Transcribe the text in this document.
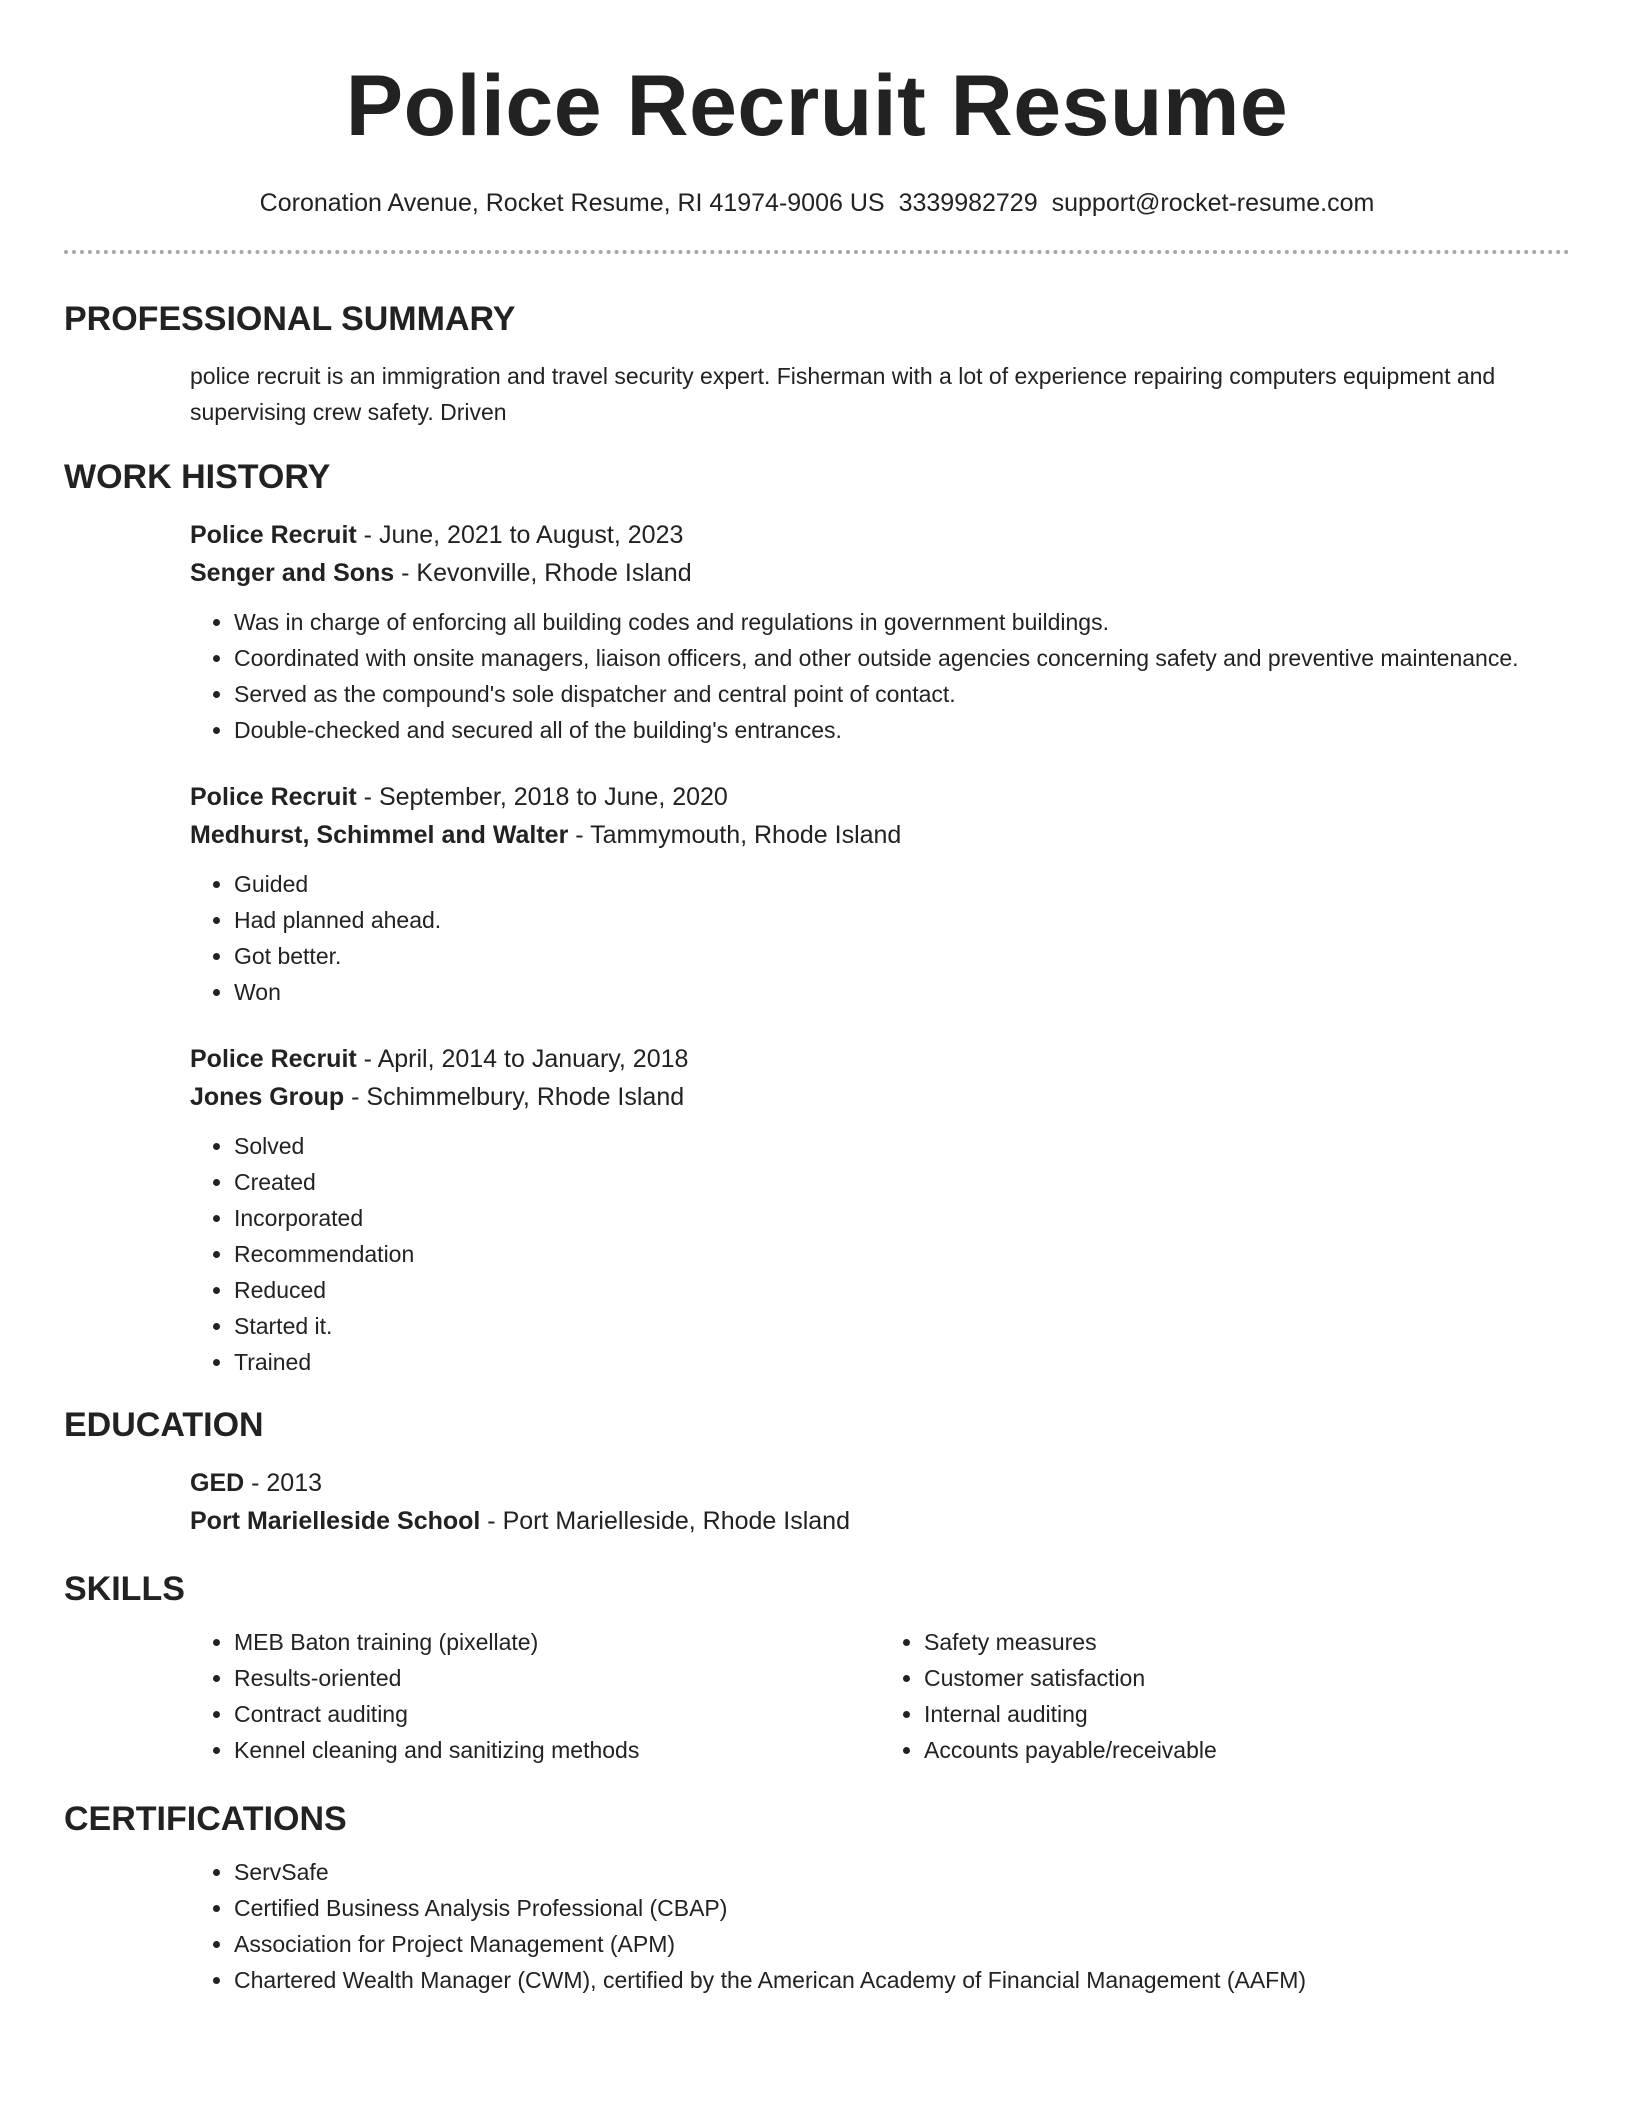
Police Recruit Resume
Coronation Avenue, Rocket Resume, RI 41974-9006 US 3339982729 support@rocket-resume.com
PROFESSIONAL SUMMARY
police recruit is an immigration and travel security expert. Fisherman with a lot of experience repairing computers equipment and supervising crew safety. Driven
WORK HISTORY
Police Recruit - June, 2021 to August, 2023
Senger and Sons - Kevonville, Rhode Island
• Was in charge of enforcing all building codes and regulations in government buildings.
• Coordinated with onsite managers, liaison officers, and other outside agencies concerning safety and preventive maintenance.
• Served as the compound's sole dispatcher and central point of contact.
• Double-checked and secured all of the building's entrances.
Police Recruit - September, 2018 to June, 2020
Medhurst, Schimmel and Walter - Tammymouth, Rhode Island
• Guided
• Had planned ahead.
• Got better.
• Won
Police Recruit - April, 2014 to January, 2018
Jones Group - Schimmelbury, Rhode Island
• Solved
• Created
• Incorporated
• Recommendation
• Reduced
• Started it.
• Trained
EDUCATION
GED - 2013
Port Marielleside School - Port Marielleside, Rhode Island
SKILLS
• MEB Baton training (pixellate)
• Results-oriented
• Contract auditing
• Kennel cleaning and sanitizing methods
• Safety measures
• Customer satisfaction
• Internal auditing
• Accounts payable/receivable
CERTIFICATIONS
• ServSafe
• Certified Business Analysis Professional (CBAP)
• Association for Project Management (APM)
• Chartered Wealth Manager (CWM), certified by the American Academy of Financial Management (AAFM)
